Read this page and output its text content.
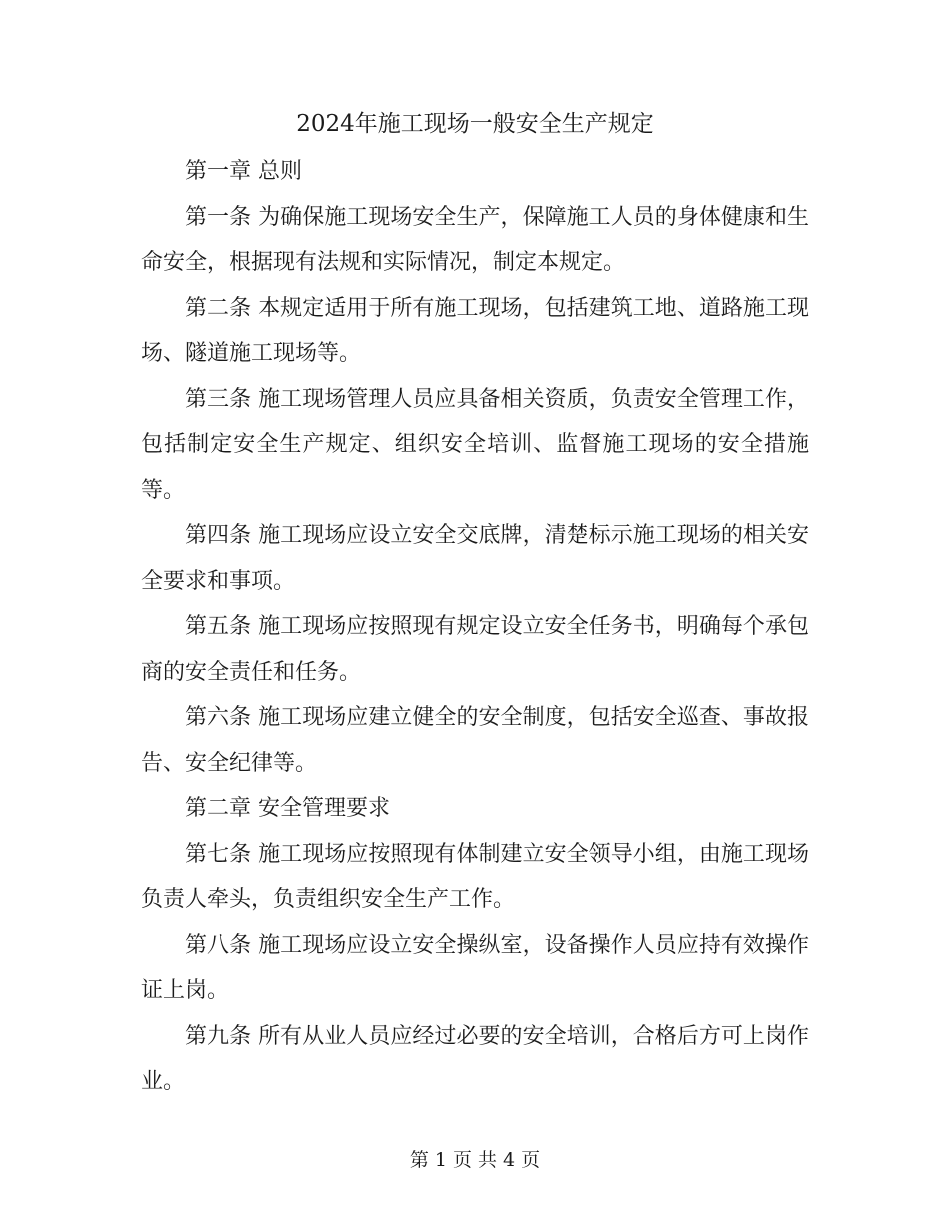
2024年施工现场一般安全生产规定

第一章 总则

第一条 为确保施工现场安全生产，保障施工人员的身体健康和生命安全，根据现有法规和实际情况，制定本规定。

第二条 本规定适用于所有施工现场，包括建筑工地、道路施工现场、隧道施工现场等。

第三条 施工现场管理人员应具备相关资质，负责安全管理工作，包括制定安全生产规定、组织安全培训、监督施工现场的安全措施等。

第四条 施工现场应设立安全交底牌，清楚标示施工现场的相关安全要求和事项。

第五条 施工现场应按照现有规定设立安全任务书，明确每个承包商的安全责任和任务。

第六条 施工现场应建立健全的安全制度，包括安全巡查、事故报告、安全纪律等。

第二章 安全管理要求

第七条 施工现场应按照现有体制建立安全领导小组，由施工现场负责人牵头，负责组织安全生产工作。

第八条 施工现场应设立安全操纵室，设备操作人员应持有效操作证上岗。

第九条 所有从业人员应经过必要的安全培训，合格后方可上岗作业。

第 1 页 共 4 页
